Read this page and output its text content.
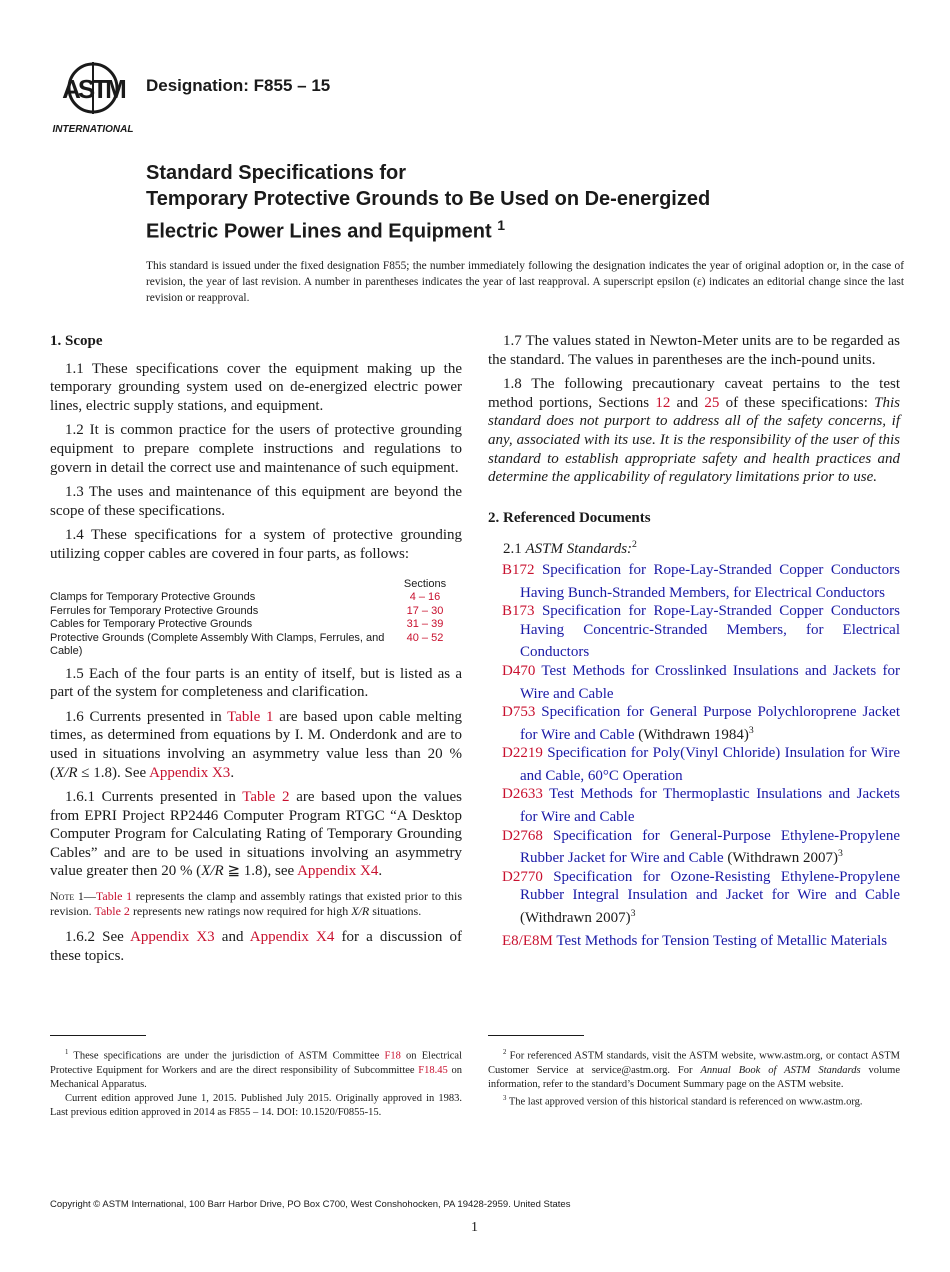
ASTM
INTERNATIONAL
Designation: F855 – 15
Standard Specifications for
Temporary Protective Grounds to Be Used on De-energized
Electric Power Lines and Equipment $^1$
This standard is issued under the fixed designation F855; the number immediately following the designation indicates the year of original adoption or, in the case of revision, the year of last revision. A number in parentheses indicates the year of last reapproval. A superscript epsilon (ε) indicates an editorial change since the last revision or reapproval.
1. Scope

1.1 These specifications cover the equipment making up the temporary grounding system used on de-energized electric power lines, electric supply stations, and equipment.

1.2 It is common practice for the users of protective grounding equipment to prepare complete instructions and regulations to govern in detail the correct use and maintenance of such equipment.

1.3 The uses and maintenance of this equipment are beyond the scope of these specifications.

1.4 These specifications for a system of protective grounding utilizing copper cables are covered in four parts, as follows:

	Sections
Clamps for Temporary Protective Grounds	4 – 16
Ferrules for Temporary Protective Grounds	17 – 30
Cables for Temporary Protective Grounds	31 – 39
Protective Grounds (Complete Assembly With Clamps, Ferrules, and Cable)	40 – 52

1.5 Each of the four parts is an entity of itself, but is listed as a part of the system for completeness and clarification.

1.6 Currents presented in Table 1 are based upon cable melting times, as determined from equations by I. M. Onderdonk and are to used in situations involving an asymmetry value less than 20 % (X/R ≤ 1.8). See Appendix X3.

1.6.1 Currents presented in Table 2 are based upon the values from EPRI Project RP2446 Computer Program RTGC “A Desktop Computer Program for Calculating Rating of Temporary Grounding Cables” and are to be used in situations involving an asymmetry value greater then 20 % (X/R ≧ 1.8), see Appendix X4.

Note 1—Table 1 represents the clamp and assembly ratings that existed prior to this revision. Table 2 represents new ratings now required for high X/R situations.

1.6.2 See Appendix X3 and Appendix X4 for a discussion of these topics.

1.7 The values stated in Newton-Meter units are to be regarded as the standard. The values in parentheses are the inch-pound units.

1.8 The following precautionary caveat pertains to the test method portions, Sections 12 and 25 of these specifications: This standard does not purport to address all of the safety concerns, if any, associated with its use. It is the responsibility of the user of this standard to establish appropriate safety and health practices and determine the applicability of regulatory limitations prior to use.

2. Referenced Documents

2.1 ASTM Standards:$^2$

B172 Specification for Rope-Lay-Stranded Copper Conductors Having Bunch-Stranded Members, for Electrical Conductors
B173 Specification for Rope-Lay-Stranded Copper Conductors Having Concentric-Stranded Members, for Electrical Conductors
D470 Test Methods for Crosslinked Insulations and Jackets for Wire and Cable
D753 Specification for General Purpose Polychloroprene Jacket for Wire and Cable (Withdrawn 1984)$^3$
D2219 Specification for Poly(Vinyl Chloride) Insulation for Wire and Cable, 60°C Operation
D2633 Test Methods for Thermoplastic Insulations and Jackets for Wire and Cable
D2768 Specification for General-Purpose Ethylene-Propylene Rubber Jacket for Wire and Cable (Withdrawn 2007)$^3$
D2770 Specification for Ozone-Resisting Ethylene-Propylene Rubber Integral Insulation and Jacket for Wire and Cable (Withdrawn 2007)$^3$
E8/E8M Test Methods for Tension Testing of Metallic Materials
$^1$ These specifications are under the jurisdiction of ASTM Committee F18 on Electrical Protective Equipment for Workers and are the direct responsibility of Subcommittee F18.45 on Mechanical Apparatus.
Current edition approved June 1, 2015. Published July 2015. Originally approved in 1983. Last previous edition approved in 2014 as F855 – 14. DOI: 10.1520/F0855-15.
$^2$ For referenced ASTM standards, visit the ASTM website, www.astm.org, or contact ASTM Customer Service at service@astm.org. For Annual Book of ASTM Standards volume information, refer to the standard’s Document Summary page on the ASTM website.
$^3$ The last approved version of this historical standard is referenced on www.astm.org.
Copyright © ASTM International, 100 Barr Harbor Drive, PO Box C700, West Conshohocken, PA 19428-2959. United States
1
